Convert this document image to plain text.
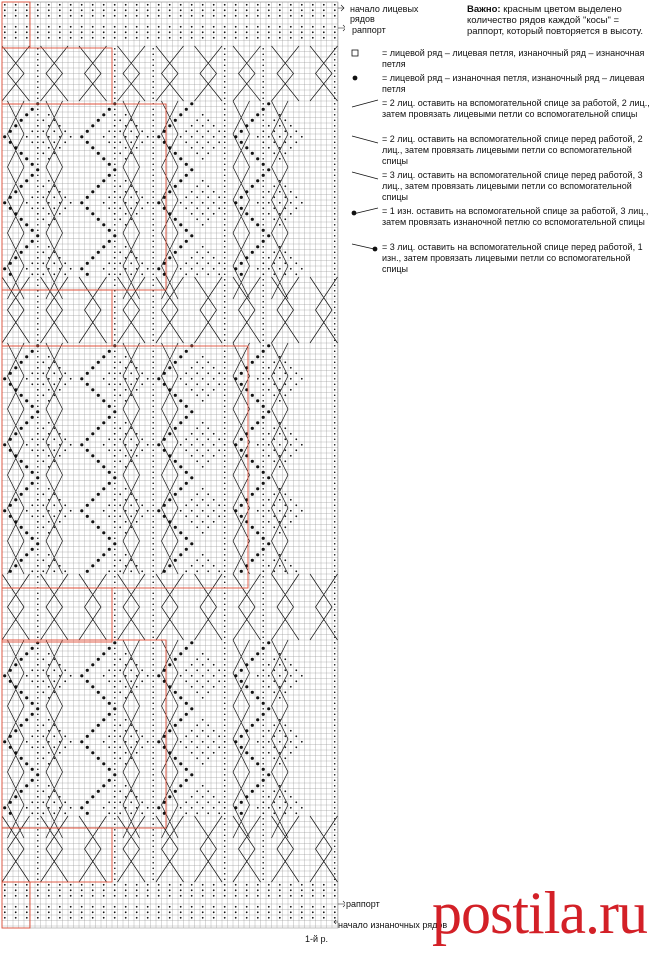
начало лицевых рядов
раппорт
раппорт
начало изнаночных рядов
1-й р.
Важно: красным цветом выделено количество рядов каждой "косы" = раппорт, который повторяется в высоту.
= лицевой ряд – лицевая петля, изнаночный ряд – изнаночная петля
= лицевой ряд – изнаночная петля, изнаночный ряд – лицевая петля
= 2 лиц. оставить на вспомогательной спице за работой, 2 лиц., затем провязать лицевыми петли со вспомогательной спицы
= 2 лиц. оставить на вспомогательной спице перед работой, 2 лиц., затем провязать лицевыми петли со вспомогательной спицы
= 3 лиц. оставить на вспомогательной спице перед работой, 3 лиц., затем провязать лицевыми петли со вспомогательной спицы
= 1 изн. оставить на вспомогательной спице за работой, 3 лиц., затем провязать изнаночной петлю со вспомогательной спицы
= 3 лиц. оставить на вспомогательной спице перед работой, 1 изн., затем провязать лицевыми петли со вспомогательной спицы
postila.ru
